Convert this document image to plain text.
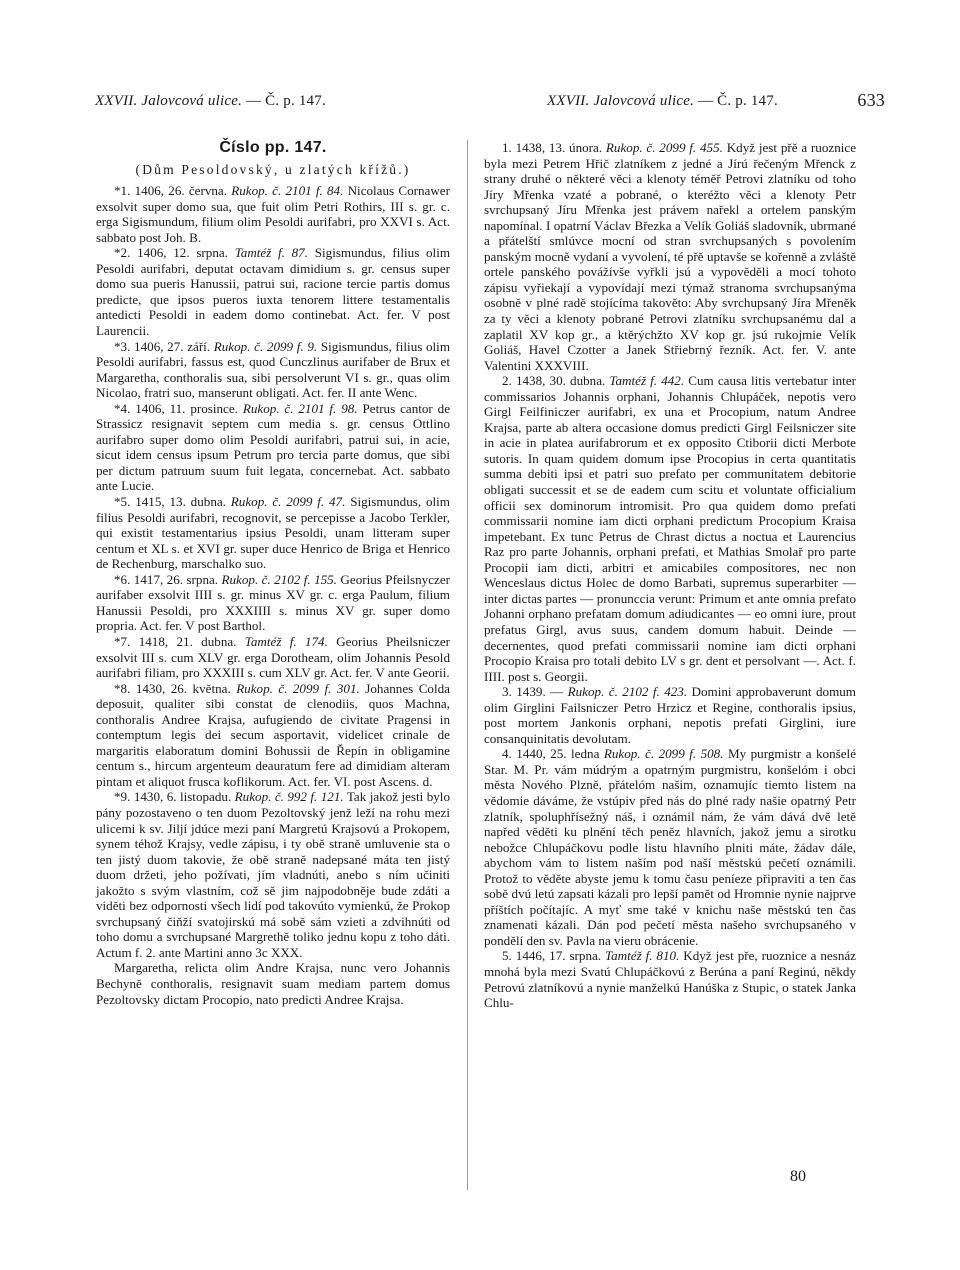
XXVII. Jalovcová ulice. — Č. p. 147.	XXVII. Jalovcová ulice. — Č. p. 147.	633
Číslo pp. 147.
(Dům Pesoldovský, u zlatých křížů.)

*1. 1406, 26. června. Rukop. č. 2101 f. 84. Nicolaus Cornawer exsolvit super domo sua, que fuit olim Petri Rothirs, III s. gr. c. erga Sigismundum, filium olim Pesoldi aurifabri, pro XXVI s. Act. sabbato post Joh. B.

*2. 1406, 12. srpna. Tamtéž f. 87. Sigismundus, filius olim Pesoldi aurifabri, deputat octavam dimidium s. gr. census super domo sua pueris Hanussii, patrui sui, racione tercie partis domus predicte, que ipsos pueros iuxta tenorem littere testamentalis antedicti Pesoldi in eadem domo continebat. Act. fer. V post Laurencii.

*3. 1406, 27. září. Rukop. č. 2099 f. 9. Sigismundus, filius olim Pesoldi aurifabri, fassus est, quod Cunczlinus aurifaber de Brux et Margaretha, conthoralis sua, sibi persolverunt VI s. gr., quas olim Nicolao, fratri suo, manserunt obligati. Act. fer. II ante Wenc.

*4. 1406, 11. prosince. Rukop. č. 2101 f. 98. Petrus cantor de Strassicz resignavit septem cum media s. gr. census Ottlino aurifabro super domo olim Pesoldi aurifabri, patrui sui, in acie, sicut idem census ipsum Petrum pro tercia parte domus, que sibi per dictum patruum suum fuit legata, concernebat. Act. sabbato ante Lucie.

*5. 1415, 13. dubna. Rukop. č. 2099 f. 47. Sigismundus, olim filius Pesoldi aurifabri, recognovit, se percepisse a Jacobo Terkler, qui existit testamentarius ipsius Pesoldi, unam litteram super centum et XL s. et XVI gr. super duce Henrico de Briga et Henrico de Rechenburg, marschalko suo.

*6. 1417, 26. srpna. Rukop. č. 2102 f. 155. Georius Pfeilsnyczer aurifaber exsolvit IIII s. gr. minus XV gr. c. erga Paulum, filium Hanussii Pesoldi, pro XXXIIII s. minus XV gr. super domo propria. Act. fer. V post Barthol.

*7. 1418, 21. dubna. Tamtéž f. 174. Georius Pheilsniczer exsolvit III s. cum XLV gr. erga Dorotheam, olim Johannis Pesold aurifabri filiam, pro XXXIII s. cum XLV gr. Act. fer. V ante Georii.

*8. 1430, 26. května. Rukop. č. 2099 f. 301. Johannes Colda deposuit, qualiter sibi constat de clenodiis, quos Machna, conthoralis Andree Krajsa, aufugiendo de civitate Pragensi in contemptum legis dei secum asportavit, videlicet crinale de margaritis elaboratum domini Bohussii de Řepín in obligamine centum s., hircum argenteum deauratum fere ad dimidiam alteram pintam et aliquot frusca koflikorum. Act. fer. VI. post Ascens. d.

*9. 1430, 6. listopadu. Rukop. č. 992 f. 121. Tak jakož jesti bylo pány pozostaveno o ten duom Pezoltovský jenž leží na rohu mezi ulicemi k sv. Jiljí jdúce mezi paní Margretú Krajsovú a Prokopem, synem téhož Krajsy, vedle zápisu, i ty obě straně umluvenie sta o ten jistý duom takovie, že obě straně nadepsané máta ten jistý duom držeti, jeho požívati, jím vladnúti, anebo s ním učiniti jakožto s svým vlastním, což sě jim najpodobněje bude zdáti a viděti bez odpornosti všech lidí pod takovúto vymienkú, že Prokop svrchupsaný čiňží svatojirskú má sobě sám vzieti a zdvihnúti od toho domu a svrchupsané Margrethě toliko jednu kopu z toho dáti. Actum f. 2. ante Martini anno 3c XXX.

Margaretha, relicta olim Andre Krajsa, nunc vero Johannis Bechyně conthoralis, resignavit suam mediam partem domus Pezoltovsky dictam Procopio, nato predicti Andree Krajsa.

1. 1438, 13. února. Rukop. č. 2099 f. 455. Když jest přě a ruoznice byla mezi Petrem Hřič zlatníkem z jedné a Jírú řečeným Mřenck z strany druhé o některé věci a klenoty téměř Petrovi zlatníku od toho Jíry Mřenka vzaté a pobrané, o kteréžto věci a klenoty Petr svrchupsaný Jíru Mřenka jest právem nařekl a ortelem panským napomínal. I opatrní Václav Březka a Velík Goliáš sladovník, ubrmané a přátelští smlúvce mocní od stran svrchupsaných s povolením panským mocně vydaní a vyvolení, té přě uptavše se kořenně a zvláště ortele panského povážívše vyřkli jsú a vypověděli a mocí tohoto zápisu vyřiekají a vypovídají mezi týmaž stranoma svrchupsanýma osobně v plné radě stojícíma takověto: Aby svrchupsaný Jíra Mřeněk za ty věci a klenoty pobrané Petrovi zlatníku svrchupsanému dal a zaplatil XV kop gr., a ktěrýchžto XV kop gr. jsú rukojmie Velík Goliáš, Havel Czotter a Janek Střiebrný řezník. Act. fer. V. ante Valentini XXXVIII.

2. 1438, 30. dubna. Tamtéž f. 442. Cum causa litis vertebatur inter commissarios Johannis orphani, Johannis Chlupáček, nepotis vero Girgl Feilfiniczer aurifabri, ex una et Procopium, natum Andree Krajsa, parte ab altera occasione domus predicti Girgl Feilsniczer site in acie in platea aurifabrorum et ex opposito Ctiborii dicti Merbote sutoris. In quam quidem domum ipse Procopius in certa quantitatis summa debiti ipsi et patri suo prefato per communitatem debitorie obligati successit et se de eadem cum scitu et voluntate officialium officii sex dominorum intromisit. Pro qua quidem domo prefati commissarii nomine iam dicti orphani predictum Procopium Kraisa impetebant. Ex tunc Petrus de Chrast dictus a noctua et Laurencius Raz pro parte Johannis, orphani prefati, et Mathias Smolař pro parte Procopii iam dicti, arbitri et amicabiles compositores, nec non Wenceslaus dictus Holec de domo Barbati, supremus superarbiter — inter dictas partes — pronunccia verunt: Primum et ante omnia prefato Johanni orphano prefatam domum adiudicantes — eo omni iure, prout prefatus Girgl, avus suus, candem domum habuit. Deinde — decernentes, quod prefati commissarii nomine iam dicti orphani Procopio Kraisa pro totali debito LV s gr. dent et persolvant —. Act. f. IIII. post s. Georgii.

3. 1439. — Rukop. č. 2102 f. 423. Domini approbaverunt domum olim Girglini Failsniczer Petro Hrzicz et Regine, conthoralis ipsius, post mortem Jankonis orphani, nepotis prefati Girglini, iure consanquinitatis devolutam.

4. 1440, 25. ledna Rukop. č. 2099 f. 508. My purgmistr a konšelé Star. M. Pr. vám múdrým a opatrným purgmistru, konšelóm i obci města Nového Plzně, přátelóm našim, oznamujíc tiemto listem na vědomie dáváme, že vstúpiv před nás do plné rady našie opatrný Petr zlatník, spoluphřísežný náš, i oznámil nám, že vám dává dvě letě napřed věděti ku plnění těch peněz hlavních, jakož jemu a sirotku nebožce Chlupáčkovu podle listu hlavního plniti máte, žádav dále, abychom vám to listem naším pod naší městskú pečetí oznámili. Protož to věděte abyste jemu k tomu času peníeze připraviti a ten čas sobě dvú letú zapsati kázali pro lepší pamět od Hromnie nynie najprve příštích počítajíc. A myť sme také v knichu naše městskú ten čas znamenati kázali. Dán pod pečetí města našeho svrchupsaného v pondělí den sv. Pavla na vieru obrácenie.

5. 1446, 17. srpna. Tamtéž f. 810. Když jest pře, ruoznice a nesnáz mnohá byla mezi Svatú Chlupáčkovú z Berúna a paní Reginú, někdy Petrovú zlatníkovú a nynie manželkú Hanúška z Stupic, o statek Janka Chlu-

80
